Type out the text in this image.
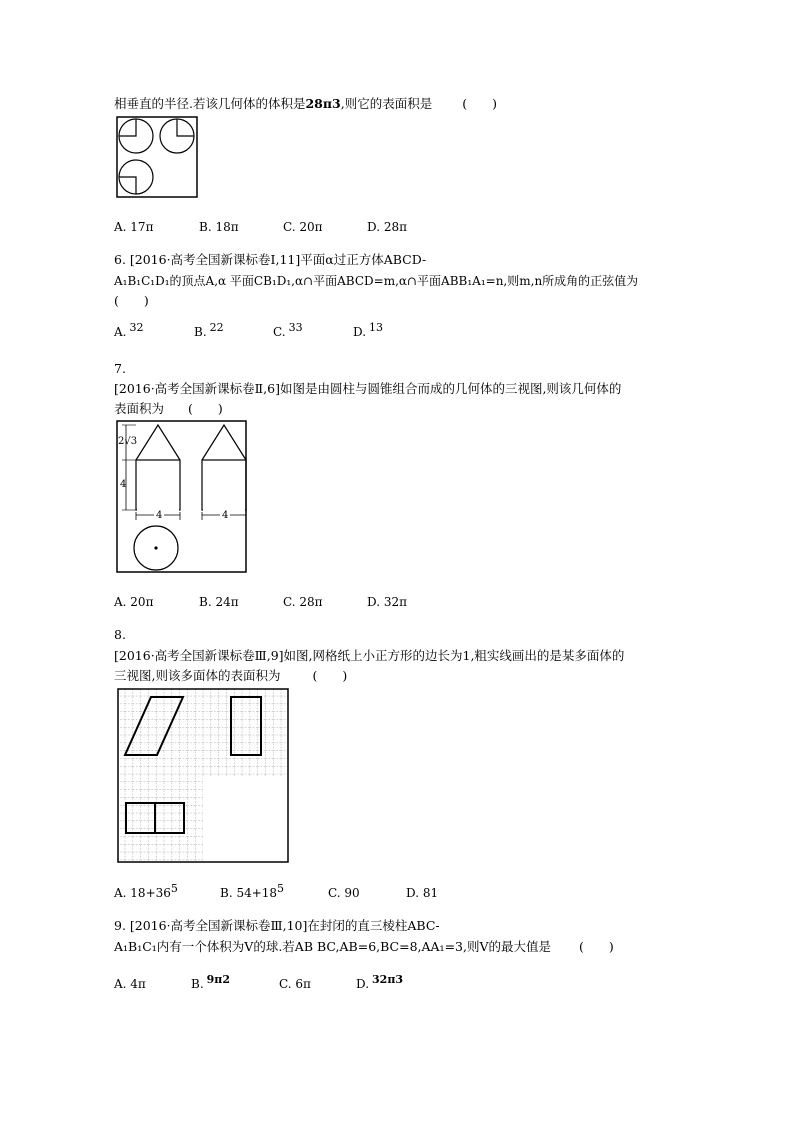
相垂直的半径.若该几何体的体积是28π3,则它的表面积是 (　　)
A. 17π	B. 18π	C. 20π	D. 28π
6. [2016·高考全国新课标卷Ⅰ,11]平面α过正方体ABCD-
A₁B₁C₁D₁的顶点A,α 平面CB₁D₁,α∩平面ABCD=m,α∩平面ABB₁A₁=n,则m,n所成角的正弦值为
(　　)
A. 32	B. 22	C. 33	D. 13
7.
[2016·高考全国新课标卷Ⅱ,6]如图是由圆柱与圆锥组合而成的几何体的三视图,则该几何体的
表面积为 (　　)
2√3
4
4	4
A. 20π	B. 24π	C. 28π	D. 32π
8.
[2016·高考全国新课标卷Ⅲ,9]如图,网格纸上小正方形的边长为1,粗实线画出的是某多面体的
三视图,则该多面体的表面积为	(　　)
A. 18+365	B. 54+185	C. 90	D. 81
9. [2016·高考全国新课标卷Ⅲ,10]在封闭的直三棱柱ABC-
A₁B₁C₁内有一个体积为V的球.若AB BC,AB=6,BC=8,AA₁=3,则V的最大值是 (　　)
A. 4π	B. 9π2	C. 6π	D. 32π3
